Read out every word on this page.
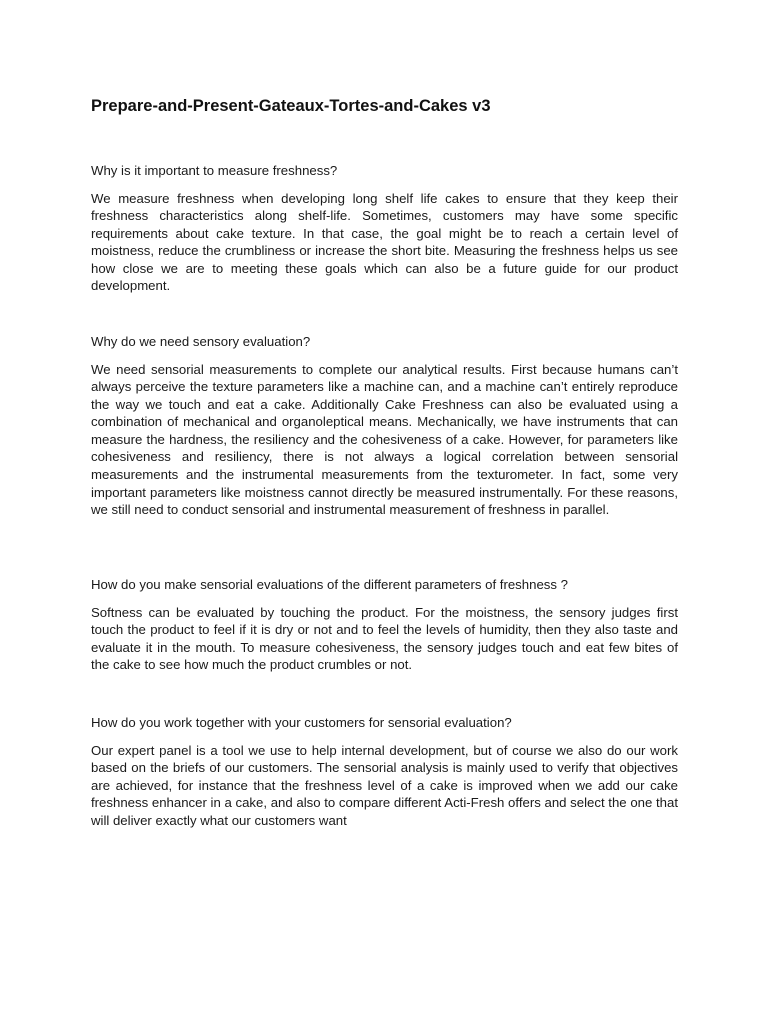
Prepare-and-Present-Gateaux-Tortes-and-Cakes v3

Why is it important to measure freshness?

We measure freshness when developing long shelf life cakes to ensure that they keep their freshness characteristics along shelf-life. Sometimes, customers may have some specific requirements about cake texture. In that case, the goal might be to reach a certain level of moistness, reduce the crumbliness or increase the short bite. Measuring the freshness helps us see how close we are to meeting these goals which can also be a future guide for our product development.

Why do we need sensory evaluation?

We need sensorial measurements to complete our analytical results. First because humans can’t always perceive the texture parameters like a machine can, and a machine can’t entirely reproduce the way we touch and eat a cake. Additionally Cake Freshness can also be evaluated using a combination of mechanical and organoleptical means. Mechanically, we have instruments that can measure the hardness, the resiliency and the cohesiveness of a cake. However, for parameters like cohesiveness and resiliency, there is not always a logical correlation between sensorial measurements and the instrumental measurements from the texturometer. In fact, some very important parameters like moistness cannot directly be measured instrumentally. For these reasons, we still need to conduct sensorial and instrumental measurement of freshness in parallel.

How do you make sensorial evaluations of the different parameters of freshness ?

Softness can be evaluated by touching the product. For the moistness, the sensory judges first touch the product to feel if it is dry or not and to feel the levels of humidity, then they also taste and evaluate it in the mouth. To measure cohesiveness, the sensory judges touch and eat few bites of the cake to see how much the product crumbles or not.

How do you work together with your customers for sensorial evaluation?

Our expert panel is a tool we use to help internal development, but of course we also do our work based on the briefs of our customers. The sensorial analysis is mainly used to verify that objectives are achieved, for instance that the freshness level of a cake is improved when we add our cake freshness enhancer in a cake, and also to compare different Acti-Fresh offers and select the one that will deliver exactly what our customers want
